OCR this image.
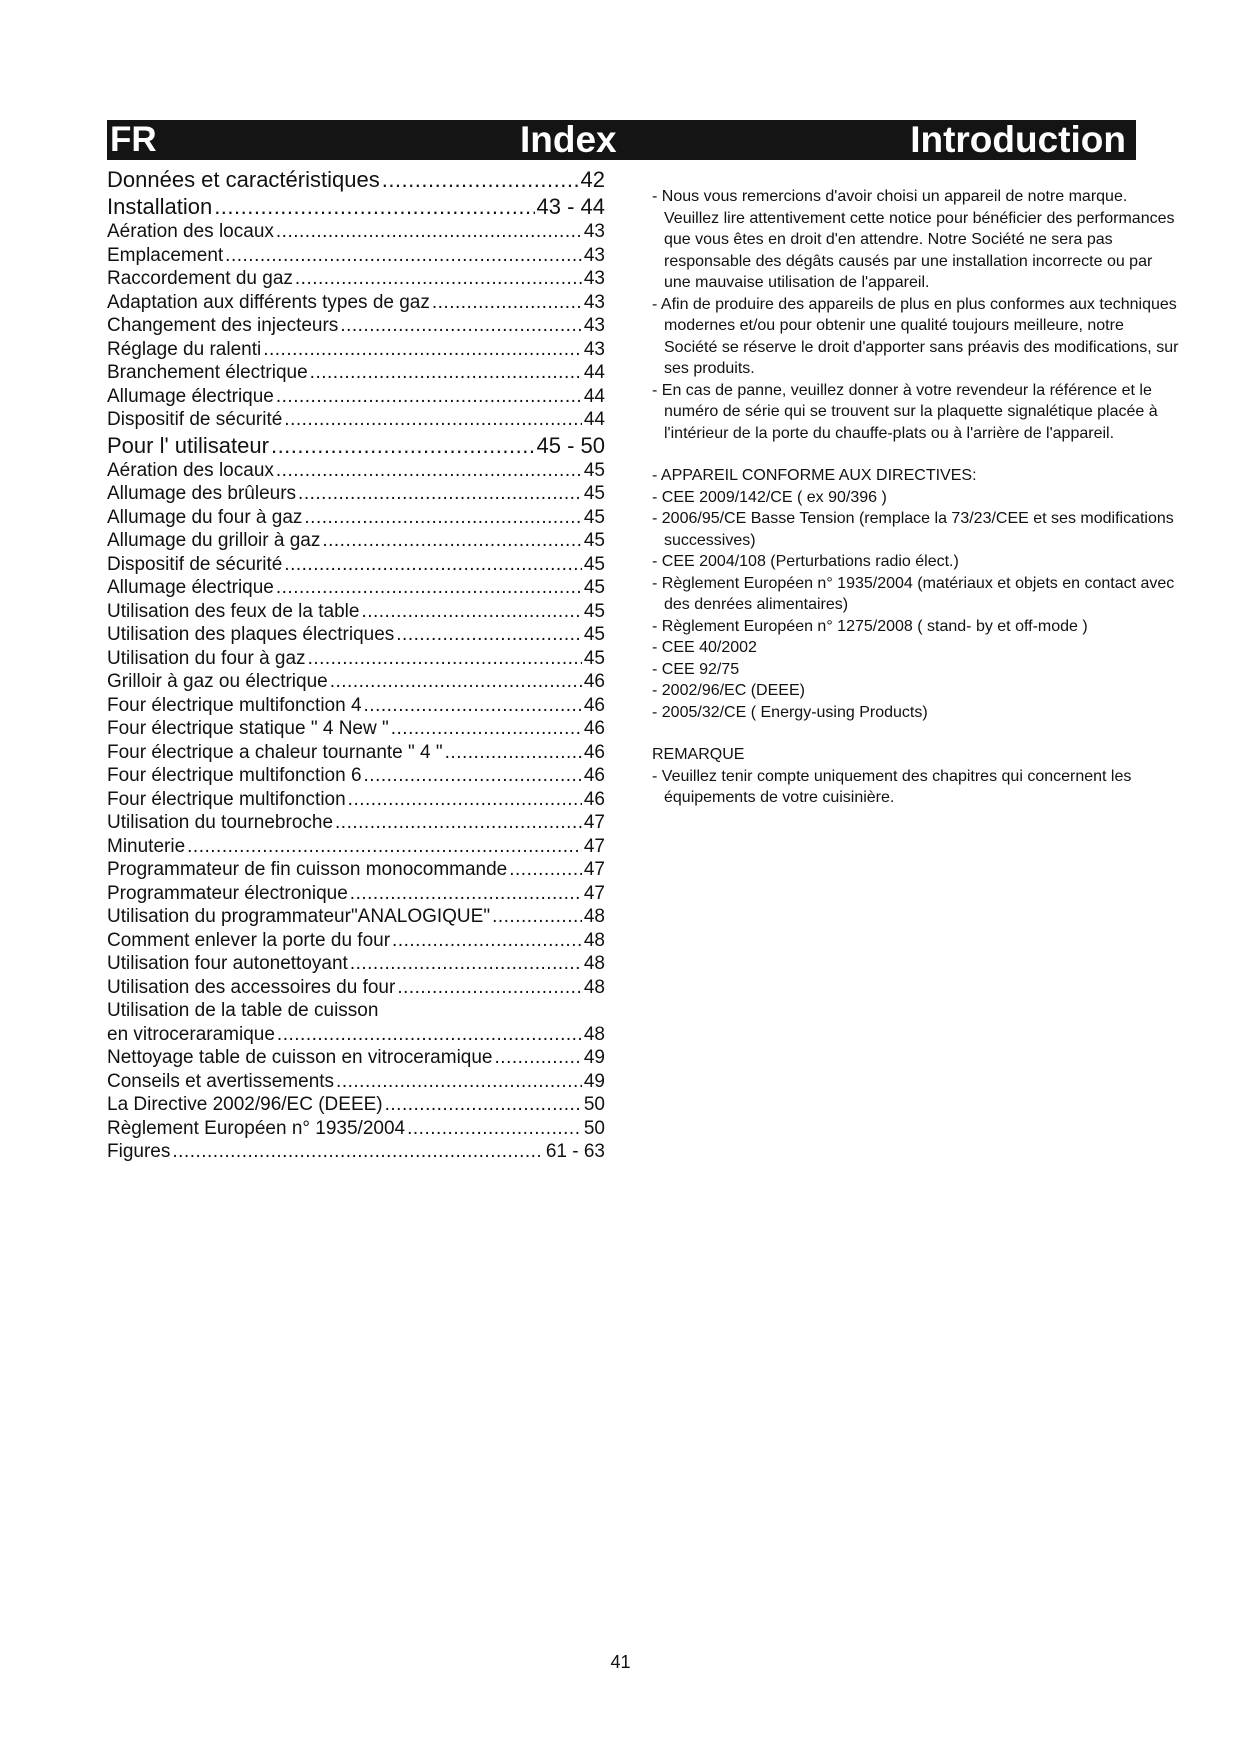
FR	Index	Introduction
Données et caractéristiques .....	42
Installation .....	43 - 44
Aération des locaux .....	43
Emplacement .....	43
Raccordement du gaz .....	43
Adaptation aux différents types de gaz .....	43
Changement des injecteurs .....	43
Réglage du ralenti .....	43
Branchement électrique .....	44
Allumage électrique .....	44
Dispositif de sécurité .....	44
Pour l' utilisateur .....	45 - 50
Aération des locaux .....	45
Allumage des brûleurs .....	45
Allumage du four à gaz .....	45
Allumage du grilloir à gaz .....	45
Dispositif de sécurité .....	45
Allumage électrique .....	45
Utilisation des feux de la table .....	45
Utilisation des plaques électriques .....	45
Utilisation du four à gaz .....	45
Grilloir à gaz ou électrique .....	46
Four électrique multifonction 4 .....	46
Four électrique statique " 4 New " .....	46
Four électrique a chaleur tournante " 4 " .....	46
Four électrique multifonction 6 .....	46
Four électrique multifonction .....	46
Utilisation du tournebroche .....	47
Minuterie .....	47
Programmateur de fin cuisson monocommande .....	47
Programmateur électronique .....	47
Utilisation du programmateur"ANALOGIQUE" .....	48
Comment enlever la porte du four .....	48
Utilisation four autonettoyant .....	48
Utilisation des accessoires du four .....	48
Utilisation de la table de cuisson
en vitroceraramique .....	48
Nettoyage table de cuisson en vitroceramique .....	49
Conseils et avertissements .....	49
La Directive 2002/96/EC (DEEE) .....	50
Règlement Européen n° 1935/2004 .....	50
Figures .....	61 - 63
- Nous vous remercions d'avoir choisi un appareil de notre marque. Veuillez lire attentivement cette notice pour bénéficier des performances que vous êtes en droit d'en attendre. Notre Société ne sera pas responsable des dégâts causés par une installation incorrecte ou par une mauvaise utilisation de l'appareil.
- Afin de produire des appareils de plus en plus conformes aux techniques modernes et/ou pour obtenir une qualité toujours meilleure, notre Société se réserve le droit d'apporter sans préavis des modifications, sur ses produits.
- En cas de panne, veuillez donner à votre revendeur la référence et le numéro de série qui se trouvent sur la plaquette signalétique placée à l'intérieur de la porte du chauffe-plats ou à l'arrière de l'appareil.
- APPAREIL CONFORME AUX DIRECTIVES:
- CEE 2009/142/CE ( ex 90/396 )
- 2006/95/CE Basse Tension (remplace la 73/23/CEE et ses modifications successives)
- CEE 2004/108 (Perturbations radio élect.)
- Règlement Européen n° 1935/2004 (matériaux et objets en contact avec des denrées alimentaires)
- Règlement Européen n° 1275/2008 ( stand- by et off-mode )
- CEE 40/2002
- CEE 92/75
- 2002/96/EC (DEEE)
- 2005/32/CE ( Energy-using Products)
REMARQUE
- Veuillez tenir compte uniquement des chapitres qui concernent les équipements de votre cuisinière.
41
